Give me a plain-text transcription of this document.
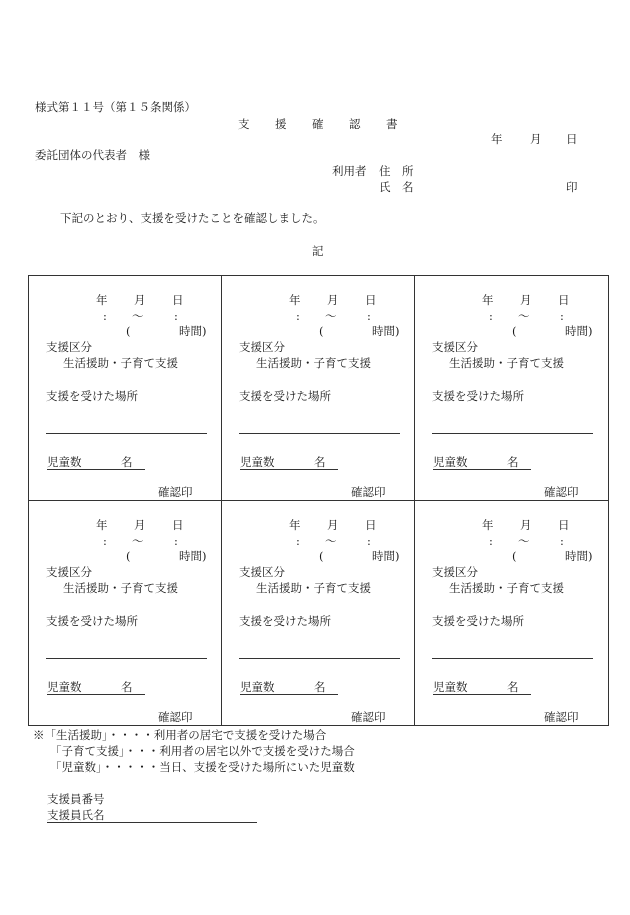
様式第１１号（第１５条関係）
支 援 確 認 書
年 月 日
委託団体の代表者　様
利用者 住　所
氏　名	印
下記のとおり、支援を受けたことを確認しました。
記
年 月 日
: ～	:
(	時間)
支援区分
生活援助・子育て支援
支援を受けた場所
児童数	名
確認印
年 月 日
: ～	:
(	時間)
支援区分
生活援助・子育て支援
支援を受けた場所
児童数	名
確認印
年 月 日
: ～	:
(	時間)
支援区分
生活援助・子育て支援
支援を受けた場所
児童数	名
確認印
年 月 日
: ～	:
(	時間)
支援区分
生活援助・子育て支援
支援を受けた場所
児童数	名
確認印
年 月 日
: ～	:
(	時間)
支援区分
生活援助・子育て支援
支援を受けた場所
児童数	名
確認印
年 月 日
: ～	:
(	時間)
支援区分
生活援助・子育て支援
支援を受けた場所
児童数	名
確認印
※「生活援助」・・・・利用者の居宅で支援を受けた場合
「子育て支援」・・・利用者の居宅以外で支援を受けた場合
「児童数」・・・・・当日、支援を受けた場所にいた児童数
支援員番号
支援員氏名
